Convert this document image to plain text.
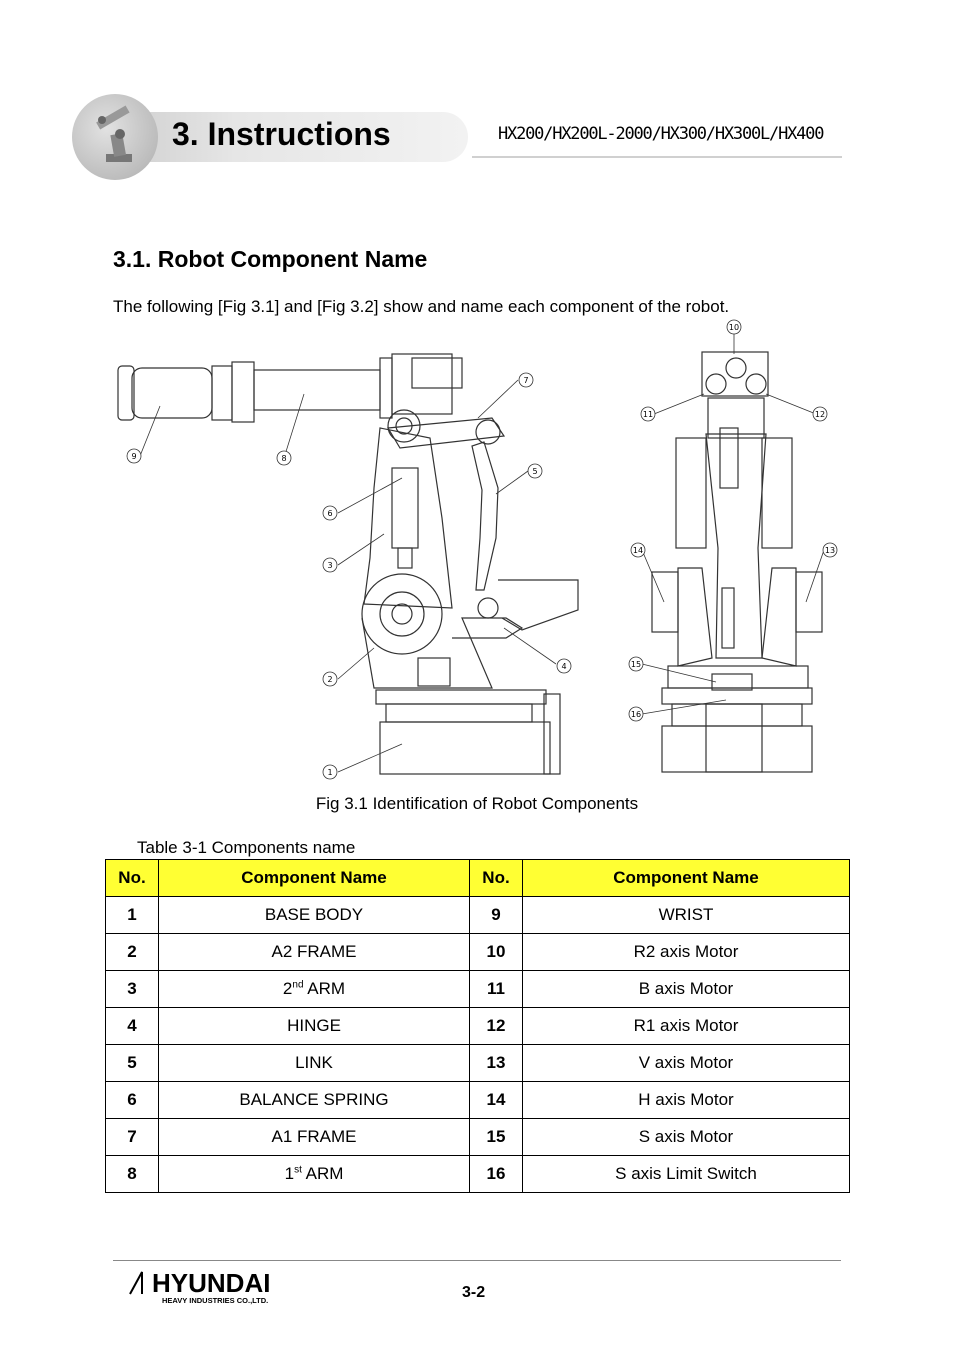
3. Instructions	HX200/HX200L-2000/HX300/HX300L/HX400
3.1. Robot Component Name
The following [Fig 3.1] and [Fig 3.2] show and name each component of the robot.
1
2
3
4
5
6
7
8
9
10
11	12
13
14
15
16
Fig 3.1 Identification of Robot Components
Table 3-1 Components name
No.	Component Name	No.	Component Name
1	BASE BODY	9	WRIST
2	A2 FRAME	10	R2 axis Motor
3	2nd ARM	11	B axis Motor
4	HINGE	12	R1 axis Motor
5	LINK	13	V axis Motor
6	BALANCE SPRING	14	H axis Motor
7	A1 FRAME	15	S axis Motor
8	1st ARM	16	S axis Limit Switch
HYUNDAI
HEAVY INDUSTRIES CO.,LTD.	3-2
